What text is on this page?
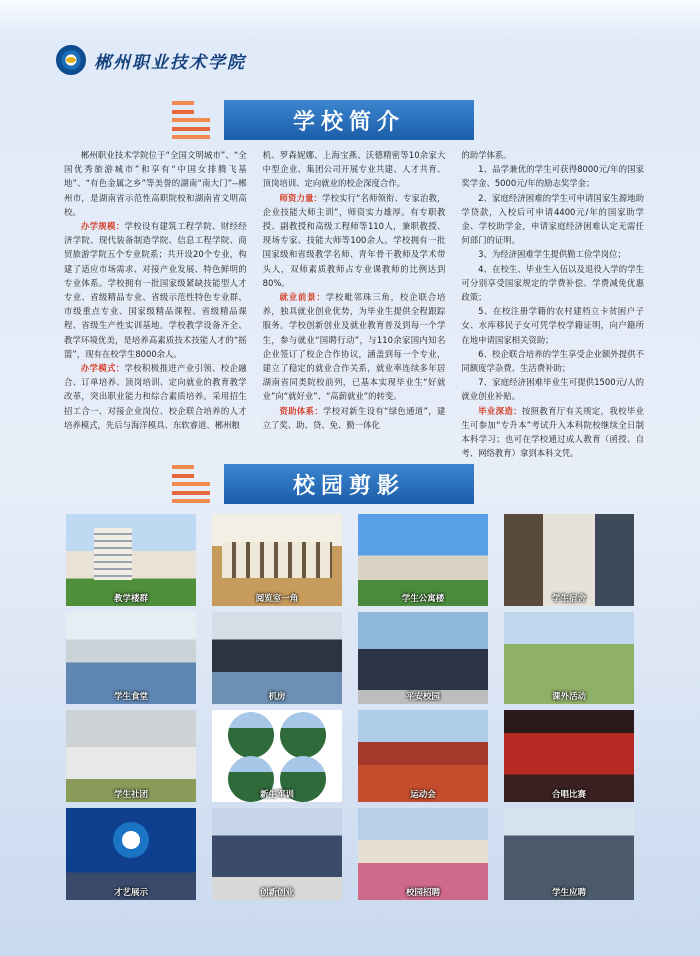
郴州职业技术学院
学校简介

郴州职业技术学院位于“全国文明城市”、“全国优秀旅游城市”和享有“中国女排腾飞基地”、“有色金属之乡”等美誉的湖南“南大门”--郴州市，是湖南省示范性高职院校和湖南省文明高校。

办学规模：学校设有建筑工程学院、财经经济学院、现代装备制造学院、信息工程学院、商贸旅游学院五个专业院系；共开设20个专业，构建了适应市场需求、对接产业发展、特色鲜明的专业体系。学校拥有一批国家级紧缺技能型人才专业、省级精品专业、省级示范性特色专业群、市级重点专业、国家级精品课程、省级精品课程、省级生产性实训基地。学校教学设备齐全、教学环境优美，是培养高素质技术技能人才的“摇篮”，现有在校学生8000余人。

办学模式：学校积极推进产业引领、校企融合、订单培养、顶岗培训、定向就业的教育教学改革，突出职业能力和综合素质培养。采用招生招工合一、对接企业岗位、校企联合培养的人才培养模式，先后与海洋模具、东软睿道、郴州粮

机、罗森妮娜、上海宝燕、沃德精密等10余家大中型企业、集团公司开展专业共建、人才共育、顶岗培训、定向就业的校企深度合作。

师资力量：学校实行“名师领衔、专家治教，企业技能大师主训”，师资实力雄厚。有专职教授、副教授和高级工程师等110人，兼职教授、现场专家、技能大师等100余人。学校拥有一批国家级和省级教学名师、青年骨干教师及学术带头人，双师素质教师占专业课教师的比例达到80%。

就业前景：学校毗邻珠三角，校企联合培养，独具就业创业优势，为毕业生提供全程跟踪服务。学校创新创业及就业教育普及到每一个学生，参与就业“国聘行动”，与110余家国内知名企业签订了校企合作协议，涵盖到每一个专业，建立了稳定的就业合作关系，就业率连续多年居湖南省同类院校前列，已基本实现毕业生“好就业”向“就好业”、“高薪就业”的转变。

资助体系：学校对新生设有“绿色通道”，建立了奖、助、贷、免、勤一体化

的助学体系。

1、品学兼优的学生可获得8000元/年的国家奖学金、5000元/年的励志奖学金；

2、家庭经济困难的学生可申请国家生源地助学贷款，入校后可申请4400元/年的国家助学金、学校助学金，申请家庭经济困难认定无需任何部门的证明。

3、为经济困难学生提供勤工俭学岗位；

4、在校生、毕业生入伍以及退役入学的学生可分别享受国家规定的学费补偿、学费减免优惠政策；

5、在校注册学籍的农村建档立卡贫困户子女、水库移民子女可凭学校学籍证明，向户籍所在地申请国家相关资助；

6、校企联合培养的学生享受企业额外提供不同额度学杂费、生活费补助；

7、家庭经济困难毕业生可提供1500元/人的就业创业补贴。

毕业深造：按照教育厅有关规定，我校毕业生可参加“专升本”考试升入本科院校继续全日制本科学习；也可在学校通过成人教育（函授、自考、网络教育）拿到本科文凭。

校园剪影
教学楼群	阅览室一角	学生公寓楼	学生宿舍
学生食堂	机房	平安校园	课外活动
学生社团	新生军训	运动会	合唱比赛
才艺展示	创新创业	校园招聘	学生应聘
